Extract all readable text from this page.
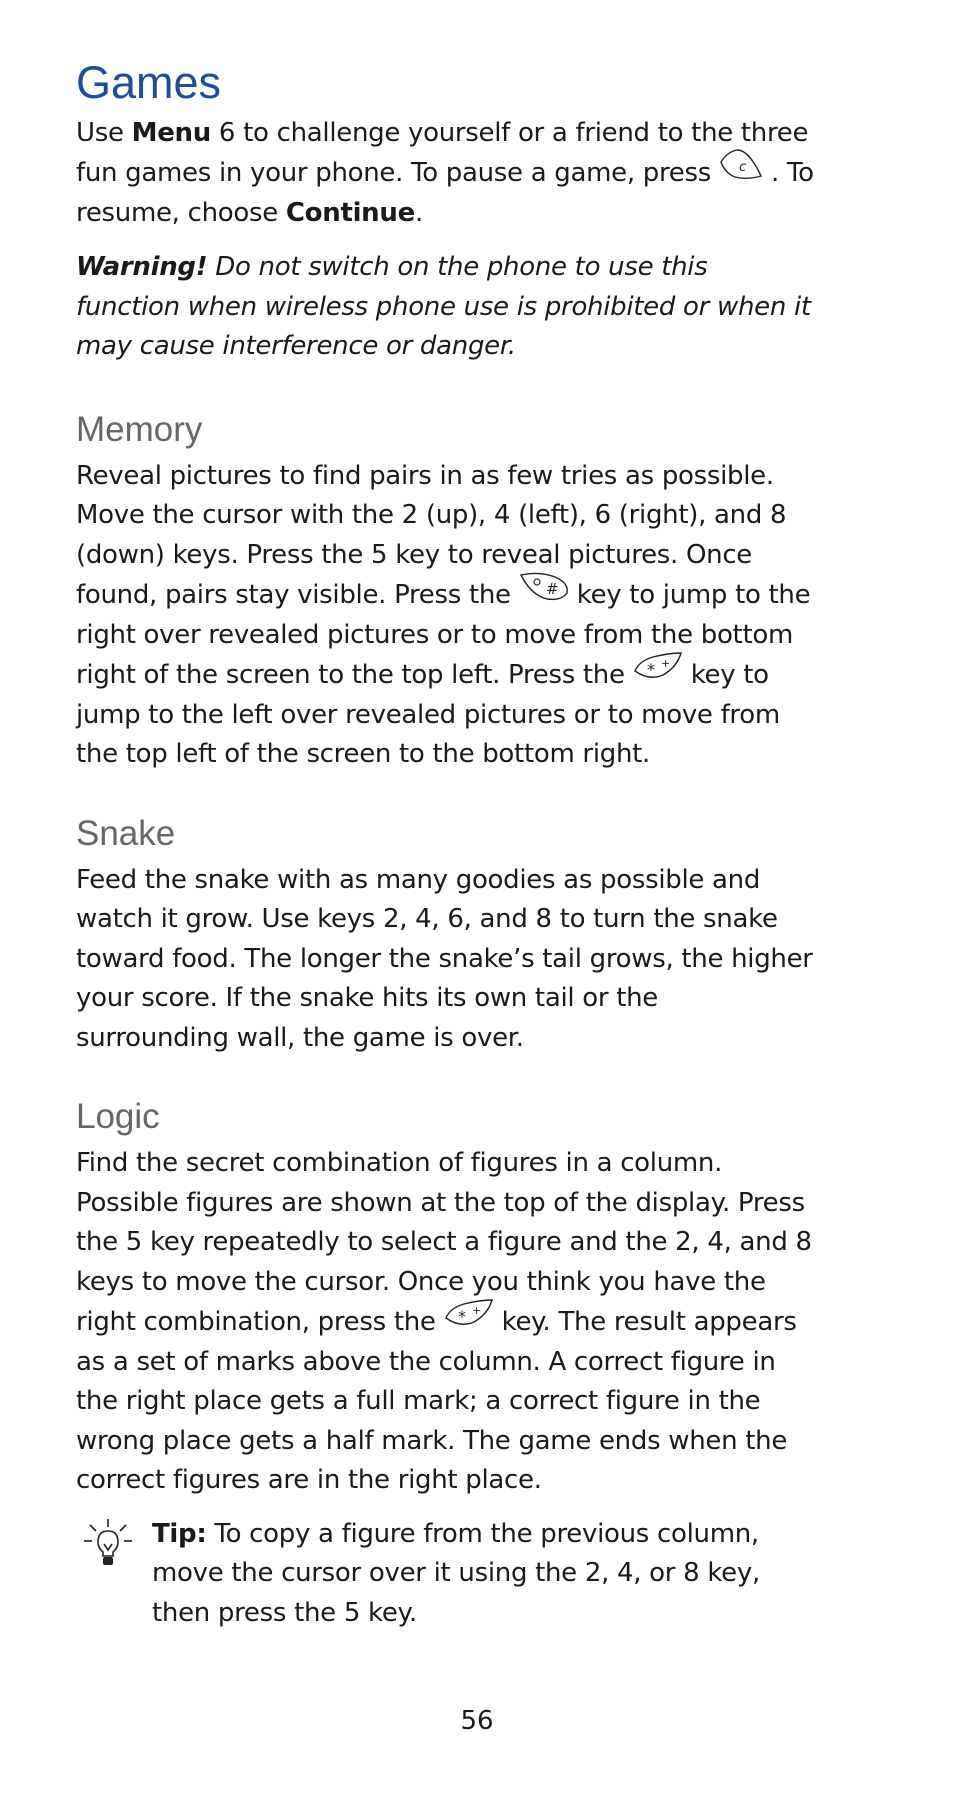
Games

Use Menu 6 to challenge yourself or a friend to the three fun games in your phone. To pause a game, press c . To resume, choose Continue.

Warning! Do not switch on the phone to use this function when wireless phone use is prohibited or when it may cause interference or danger.

Memory

Reveal pictures to find pairs in as few tries as possible. Move the cursor with the 2 (up), 4 (left), 6 (right), and 8 (down) keys. Press the 5 key to reveal pictures. Once found, pairs stay visible. Press the # key to jump to the right over revealed pictures or to move from the bottom right of the screen to the top left. Press the * + key to jump to the left over revealed pictures or to move from the top left of the screen to the bottom right.

Snake

Feed the snake with as many goodies as possible and watch it grow. Use keys 2, 4, 6, and 8 to turn the snake toward food. The longer the snake’s tail grows, the higher your score. If the snake hits its own tail or the surrounding wall, the game is over.

Logic

Find the secret combination of figures in a column. Possible figures are shown at the top of the display. Press the 5 key repeatedly to select a figure and the 2, 4, and 8 keys to move the cursor. Once you think you have the right combination, press the * + key. The result appears as a set of marks above the column. A correct figure in the right place gets a full mark; a correct figure in the wrong place gets a half mark. The game ends when the correct figures are in the right place.

Tip: To copy a figure from the previous column, move the cursor over it using the 2, 4, or 8 key, then press the 5 key.

56
